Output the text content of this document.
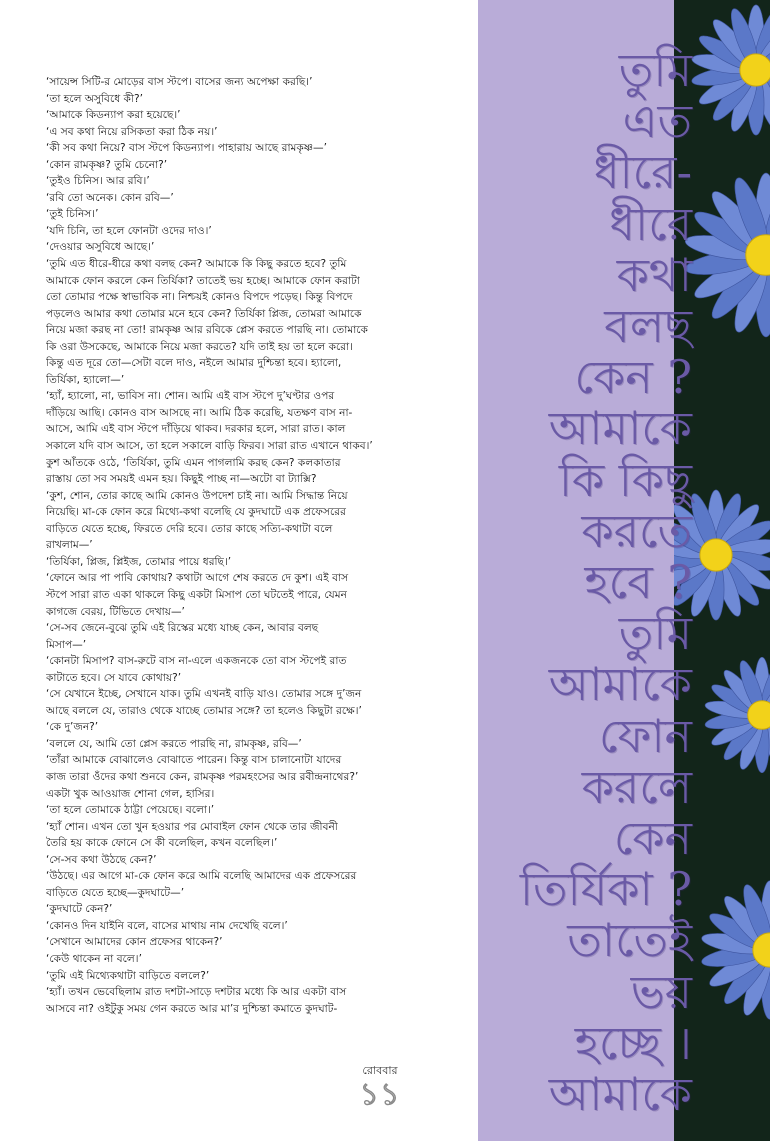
‘সায়েন্স সিটি-র মোড়ের বাস স্টপে। বাসের জন্য অপেক্ষা করছি।’

‘তা হলে অসুবিধে কী?’

‘আমাকে কিডন্যাপ করা হয়েছে।’

‘এ সব কথা নিয়ে রসিকতা করা ঠিক নয়।’

‘কী সব কথা নিয়ে? বাস স্টপে কিডন্যাপ। পাহারায় আছে রামকৃষ্ণ—’

‘কোন রামকৃষ্ণ? তুমি চেনো?’

‘তুইও চিনিস। আর রবি।’

‘রবি তো অনেক। কোন রবি—’

‘তুই চিনিস।’

‘যদি চিনি, তা হলে ফোনটা ওদের দাও।’

‘দেওয়ার অসুবিধে আছে।’

‘তুমি এত ধীরে-ধীরে কথা বলছ কেন? আমাকে কি কিছু করতে হবে? তুমি

আমাকে ফোন করলে কেন তির্যিকা? তাতেই ভয় হচ্ছে। আমাকে ফোন করাটা

তো তোমার পক্ষে স্বাভাবিক না। নিশ্চয়ই কোনও বিপদে পড়েছ। কিন্তু বিপদে

পড়লেও আমার কথা তোমার মনে হবে কেন? তির্যিকা প্লিজ, তোমরা আমাকে

নিয়ে মজা করছ না তো! রামকৃষ্ণ আর রবিকে প্লেস করতে পারছি না। তোমাকে

কি ওরা উসকেছে, আমাকে নিয়ে মজা করতে? যদি তাই হয় তা হলে করো।

কিন্তু এত দূরে তো—সেটা বলে দাও, নইলে আমার দুশ্চিন্তা হবে। হ্যালো,

তির্যিকা, হ্যালো—’

‘হ্যাঁ, হ্যালো, না, ভাবিস না। শোন। আমি এই বাস স্টপে দু’ঘণ্টার ওপর

দাঁড়িয়ে আছি। কোনও বাস আসছে না। আমি ঠিক করেছি, যতক্ষণ বাস না-

আসে, আমি এই বাস স্টপে দাঁড়িয়ে থাকব। দরকার হলে, সারা রাত। কাল

সকালে যদি বাস আসে, তা হলে সকালে বাড়ি ফিরব। সারা রাত এখানে থাকব।’

কুশ আঁতকে ওঠে, ‘তির্যিকা, তুমি এমন পাগলামি করছ কেন? কলকাতার

রাস্তায় তো সব সময়ই এমন হয়। কিছুই পাচ্ছ না—অটো বা ট্যাক্সি?

‘কুশ, শোন, তোর কাছে আমি কোনও উপদেশ চাই না। আমি সিদ্ধান্ত নিয়ে

নিয়েছি। মা-কে ফোন করে মিথ্যে-কথা বলেছি যে কুদঘাটে এক প্রফেসরের

বাড়িতে যেতে হচ্ছে, ফিরতে দেরি হবে। তোর কাছে সত্যি-কথাটা বলে

রাখলাম—’

‘তির্যিকা, প্লিজ, প্লিইজ, তোমার পায়ে ধরছি।’

‘ফোনে আর পা পাবি কোথায়? কথাটা আগে শেষ করতে দে কুশ। এই বাস

স্টপে সারা রাত একা থাকলে কিছু একটা মিসাপ তো ঘটতেই পারে, যেমন

কাগজে বেরয়, টিভিতে দেখায়—’

‘সে-সব জেনে-বুঝে তুমি এই রিস্কের মধ্যে যাচ্ছ কেন, আবার বলছ

মিসাপ—’

‘কোনটা মিসাপ? বাস-রুটে বাস না-এলে একজনকে তো বাস স্টপেই রাত

কাটাতে হবে। সে যাবে কোথায়?’

‘সে যেখানে ইচ্ছে, সেখানে যাক। তুমি এখনই বাড়ি যাও। তোমার সঙ্গে দু’জন

আছে বললে যে, তারাও থেকে যাচ্ছে তোমার সঙ্গে? তা হলেও কিছুটা রক্ষে।’

‘কে দু’জন?’

‘বললে যে, আমি তো প্লেস করতে পারছি না, রামকৃষ্ণ, রবি—’

‘তাঁরা আমাকে বোঝালেও বোঝাতে পারেন। কিন্তু বাস চালানোটা যাদের

কাজ তারা ওঁদের কথা শুনবে কেন, রামকৃষ্ণ পরমহংসের আর রবীন্দ্রনাথের?’

একটা খুক আওয়াজ শোনা গেল, হাসির।

‘তা হলে তোমাকে ঠাট্টা পেয়েছে। বলো।’

‘হ্যাঁ শোন। এখন তো খুন হওয়ার পর মোবাইল ফোন থেকে তার জীবনী

তৈরি হয় কাকে ফোনে সে কী বলেছিল, কখন বলেছিল।’

‘সে-সব কথা উঠছে কেন?’

‘উঠছে। এর আগে মা-কে ফোন করে আমি বলেছি আমাদের এক প্রফেসরের

বাড়িতে যেতে হচ্ছে—কুদঘাটে—’

‘কুদঘাটে কেন?’

‘কোনও দিন যাইনি বলে, বাসের মাথায় নাম দেখেছি বলে।’

‘সেখানে আমাদের কোন প্রফেসর থাকেন?’

‘কেউ থাকেন না বলে।’

‘তুমি এই মিথ্যেকথাটা বাড়িতে বললে?’

‘হ্যাঁ। তখন ভেবেছিলাম রাত দশটা-সাড়ে দশটার মধ্যে কি আর একটা বাস

আসবে না? ওইটুকু সময় গেন করতে আর মা’র দুশ্চিন্তা কমাতে কুদঘাট-

রোববার
১১
তুমি
এত
ধীরে-
ধীরে
কথা
বলছ
কেন ?
আমাকে
কি কিছু
করতে
হবে ?
তুমি
আমাকে
ফোন
করলে
কেন
তির্যিকা ?
তাতেই
ভয়
হচ্ছে ।
আমাকে
